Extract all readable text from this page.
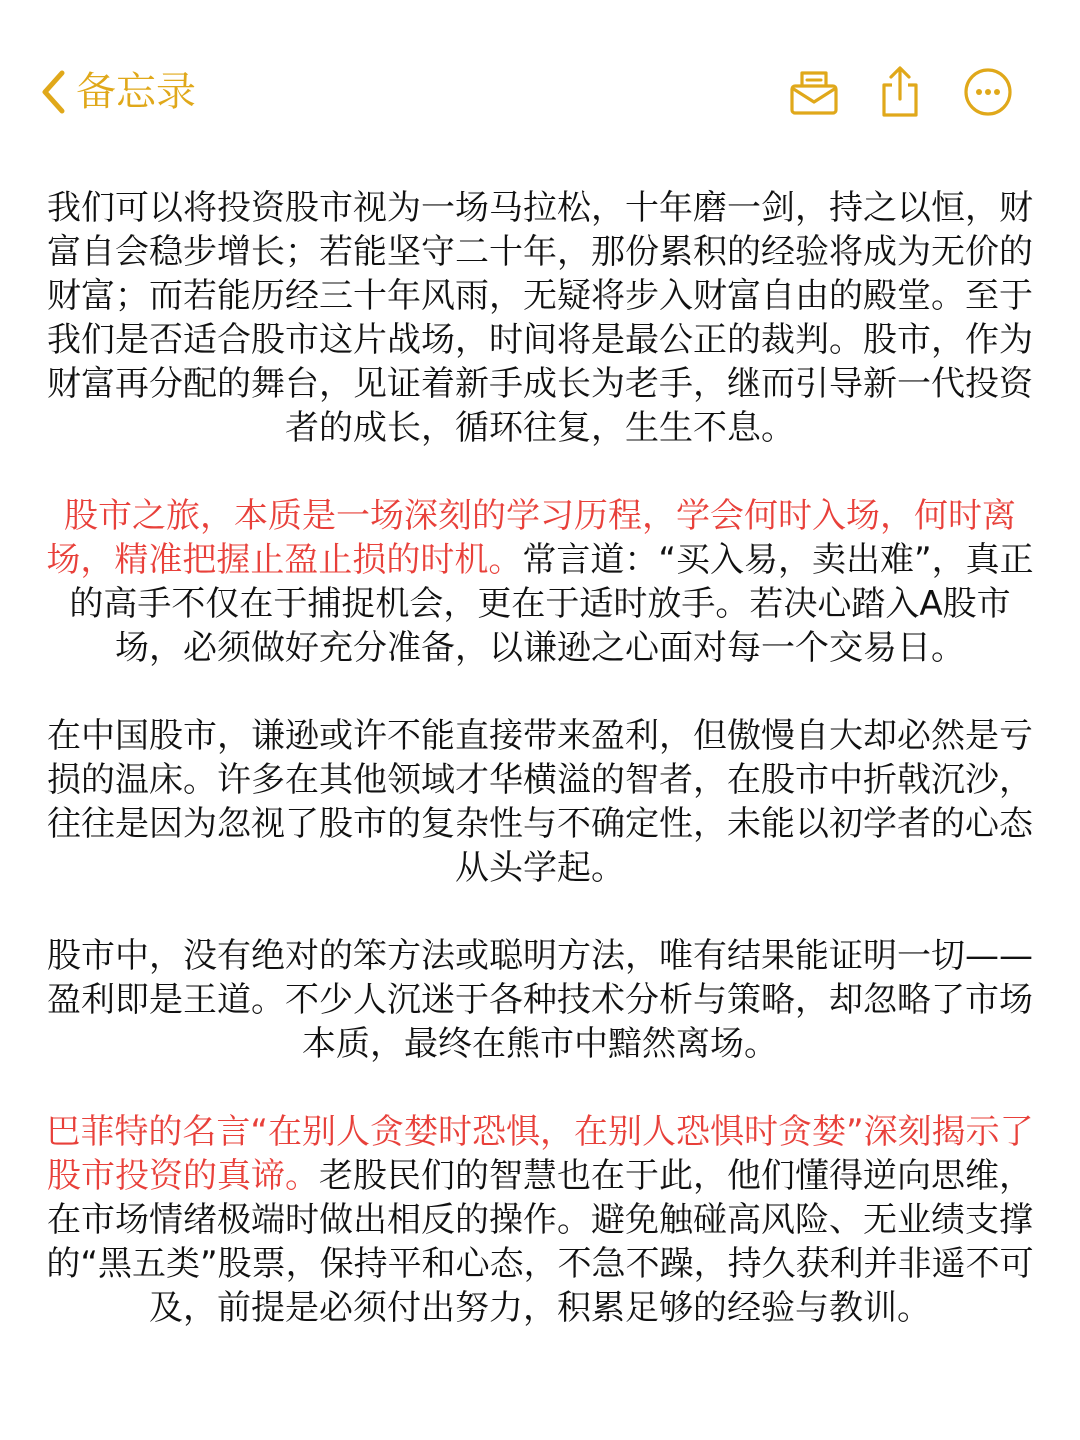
备忘录

我们可以将投资股市视为一场马拉松，十年磨一剑，持之以恒，财富自会稳步增长；若能坚守二十年，那份累积的经验将成为无价的财富；而若能历经三十年风雨，无疑将步入财富自由的殿堂。至于我们是否适合股市这片战场，时间将是最公正的裁判。股市，作为财富再分配的舞台，见证着新手成长为老手，继而引导新一代投资者的成长，循环往复，生生不息。

股市之旅，本质是一场深刻的学习历程，学会何时入场，何时离场，精准把握止盈止损的时机。常言道：“买入易，卖出难”，真正的高手不仅在于捕捉机会，更在于适时放手。若决心踏入A股市场，必须做好充分准备，以谦逊之心面对每一个交易日。

在中国股市，谦逊或许不能直接带来盈利，但傲慢自大却必然是亏损的温床。许多在其他领域才华横溢的智者，在股市中折戟沉沙，往往是因为忽视了股市的复杂性与不确定性，未能以初学者的心态从头学起。

股市中，没有绝对的笨方法或聪明方法，唯有结果能证明一切——盈利即是王道。不少人沉迷于各种技术分析与策略，却忽略了市场本质，最终在熊市中黯然离场。

巴菲特的名言“在别人贪婪时恐惧，在别人恐惧时贪婪”深刻揭示了股市投资的真谛。老股民们的智慧也在于此，他们懂得逆向思维，在市场情绪极端时做出相反的操作。避免触碰高风险、无业绩支撑的“黑五类”股票，保持平和心态，不急不躁，持久获利并非遥不可及，前提是必须付出努力，积累足够的经验与教训。
